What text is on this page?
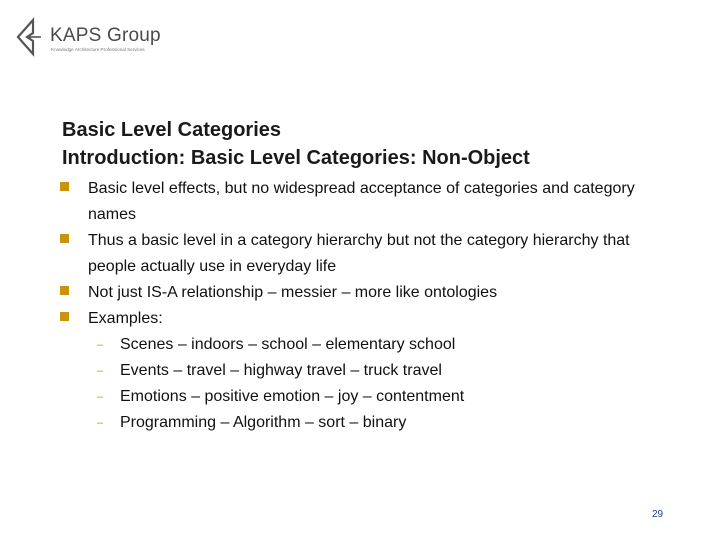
KAPS Group
Knowledge Architecture Professional Services
Basic Level Categories
Introduction: Basic Level Categories: Non-Object
Basic level effects, but no widespread acceptance of categories and category names
Thus a basic level in a category hierarchy but not the category hierarchy that people actually use in everyday life
Not just IS-A relationship – messier – more like ontologies
Examples:
– Scenes – indoors – school – elementary school
– Events – travel – highway travel – truck travel
– Emotions – positive emotion – joy – contentment
– Programming – Algorithm – sort – binary
29
